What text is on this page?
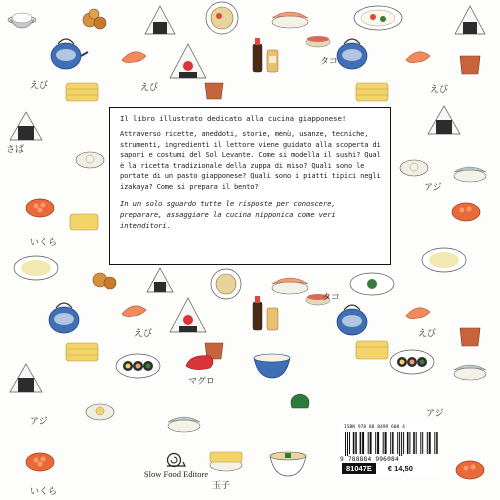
タコ
えび	えび	えび
さば
いくら
アジ
タコ
えび
えび
マグロ
アジ
アジ
いくら
玉子

Il libro illustrato dedicato alla cucina giapponese!

Attraverso ricette, aneddoti, storie, menù, usanze, tecniche, strumenti, ingredienti il lettore viene guidato alla scoperta di sapori e costumi del Sol Levante. Come si modella il sushi? Qual è la ricetta tradizionale della zuppa di miso? Quali sono le portate di un pasto giapponese? Quali sono i piatti tipici negli izakaya? Come si prepara il bento?

In un solo sguardo tutte le risposte per conoscere, preparare, assaggiare la cucina nipponica come veri intenditori.

Slow Food Editore
ISBN 978 88 8499 608 4
9 788884 996084
81047E	€ 14,50
